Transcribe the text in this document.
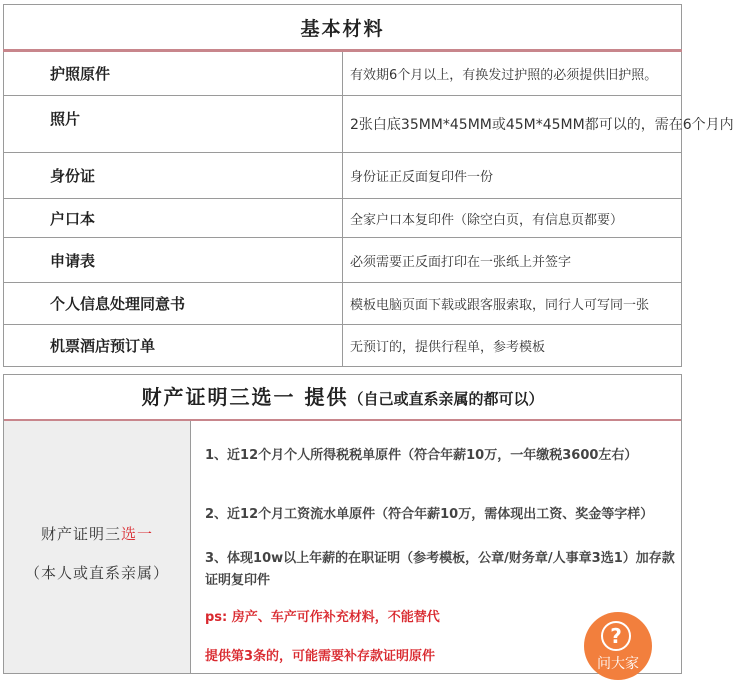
基本材料	
护照原件	有效期6个月以上，有换发过护照的必须提供旧护照。
照片	2张白底35MM*45MM或45M*45MM都可以的，需在6个月内
身份证	身份证正反面复印件一份
户口本	全家户口本复印件（除空白页，有信息页都要）
申请表	必须需要正反面打印在一张纸上并签字
个人信息处理同意书	模板电脑页面下载或跟客服索取，同行人可写同一张
机票酒店预订单	无预订的，提供行程单，参考模板
财产证明三选一 提供（自己或直系亲属的都可以）
财产证明三选一
（本人或直系亲属）
1、近12个月个人所得税税单原件（符合年薪10万，一年缴税3600左右）
2、近12个月工资流水单原件（符合年薪10万，需体现出工资、奖金等字样）
3、体现10w以上年薪的在职证明（参考模板，公章/财务章/人事章3选1）加存款证明复印件
ps: 房产、车产可作补充材料，不能替代
提供第3条的，可能需要补存款证明原件
?
问大家
